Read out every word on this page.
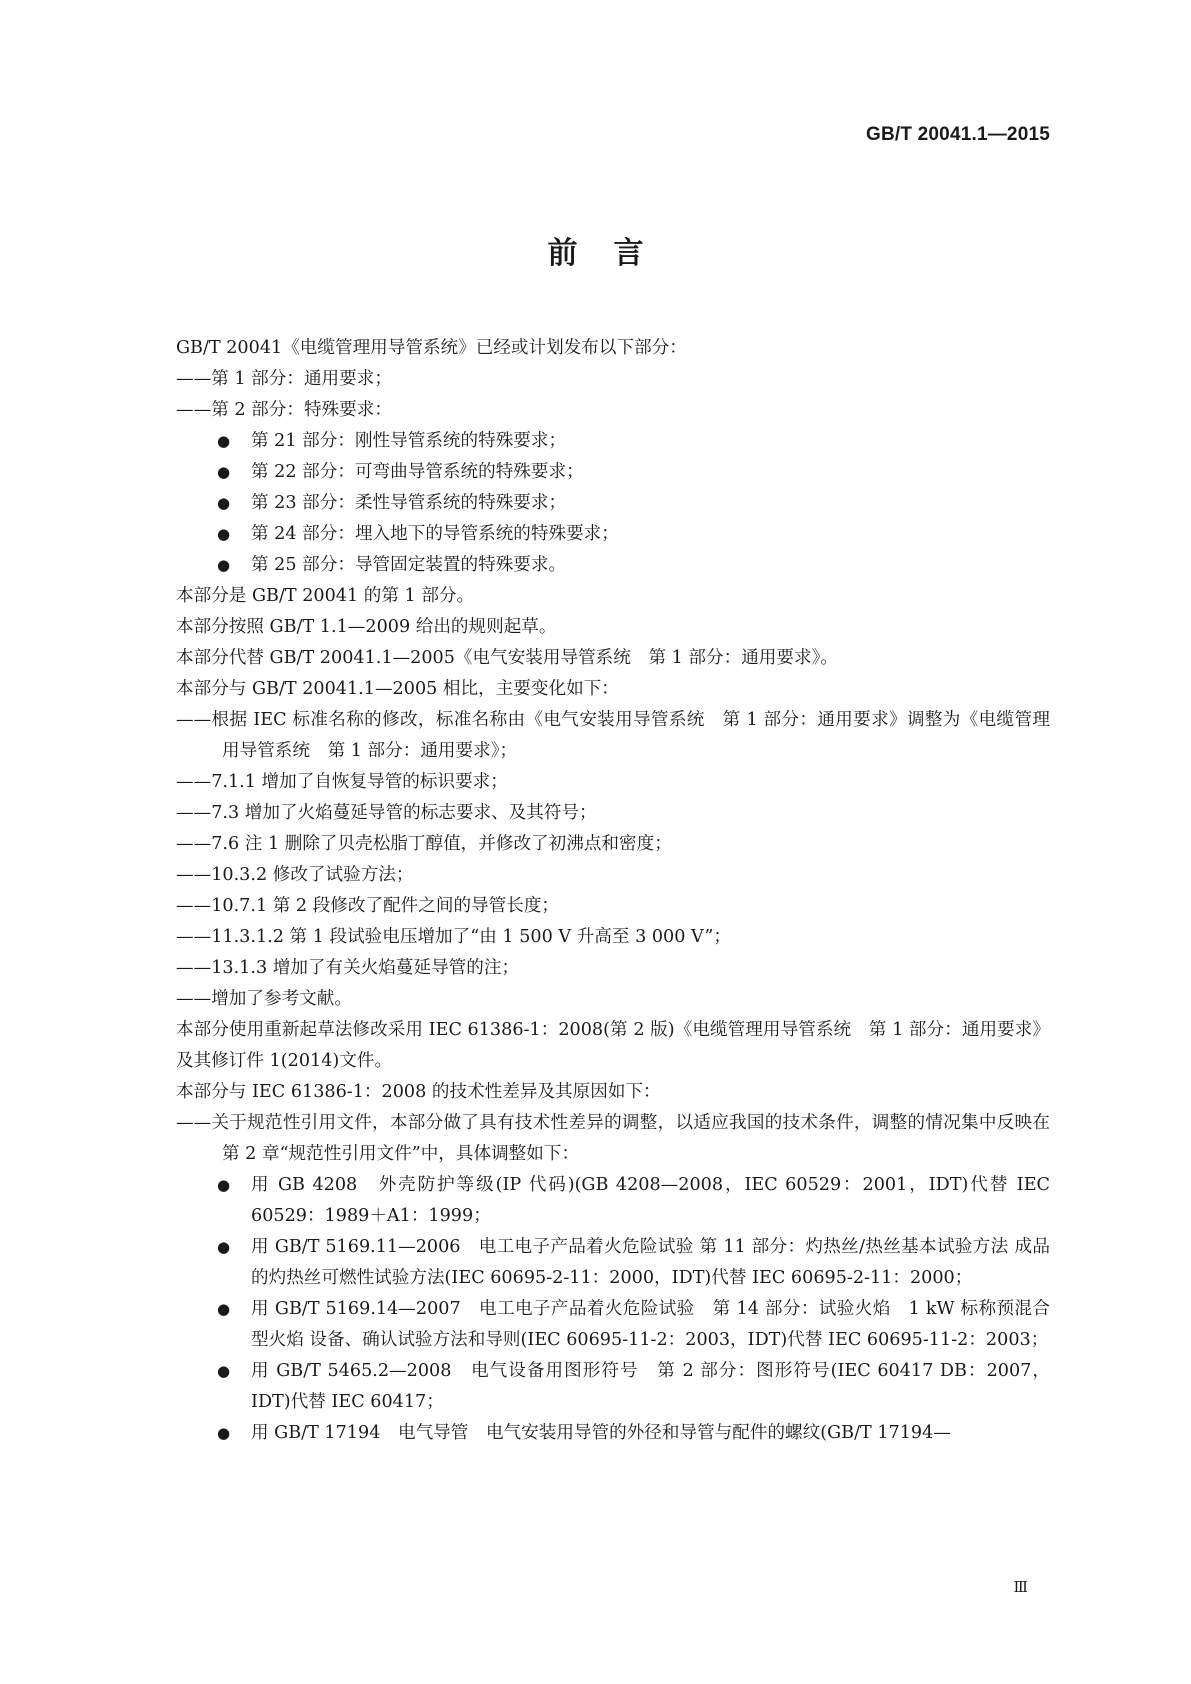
GB/T 20041.1—2015
前言
GB/T 20041《电缆管理用导管系统》已经或计划发布以下部分：
——第 1 部分：通用要求；
——第 2 部分：特殊要求：
● 第 21 部分：刚性导管系统的特殊要求；
● 第 22 部分：可弯曲导管系统的特殊要求；
● 第 23 部分：柔性导管系统的特殊要求；
● 第 24 部分：埋入地下的导管系统的特殊要求；
● 第 25 部分：导管固定装置的特殊要求。
本部分是 GB/T 20041 的第 1 部分。
本部分按照 GB/T 1.1—2009 给出的规则起草。
本部分代替 GB/T 20041.1—2005《电气安装用导管系统　第 1 部分：通用要求》。
本部分与 GB/T 20041.1—2005 相比，主要变化如下：
——根据 IEC 标准名称的修改，标准名称由《电气安装用导管系统　第 1 部分：通用要求》调整为《电缆管理用导管系统　第 1 部分：通用要求》；
——7.1.1 增加了自恢复导管的标识要求；
——7.3 增加了火焰蔓延导管的标志要求、及其符号；
——7.6 注 1 删除了贝壳松脂丁醇值，并修改了初沸点和密度；
——10.3.2 修改了试验方法；
——10.7.1 第 2 段修改了配件之间的导管长度；
——11.3.1.2 第 1 段试验电压增加了“由 1 500 V 升高至 3 000 V”；
——13.1.3 增加了有关火焰蔓延导管的注；
——增加了参考文献。
本部分使用重新起草法修改采用 IEC 61386-1：2008(第 2 版)《电缆管理用导管系统　第 1 部分：通用要求》及其修订件 1(2014)文件。
本部分与 IEC 61386-1：2008 的技术性差异及其原因如下：
——关于规范性引用文件，本部分做了具有技术性差异的调整，以适应我国的技术条件，调整的情况集中反映在第 2 章“规范性引用文件”中，具体调整如下：
● 用 GB 4208　外壳防护等级(IP 代码)(GB 4208—2008，IEC 60529：2001，IDT)代替 IEC 60529：1989＋A1：1999；
● 用 GB/T 5169.11—2006　电工电子产品着火危险试验 第 11 部分：灼热丝/热丝基本试验方法 成品的灼热丝可燃性试验方法(IEC 60695-2-11：2000，IDT)代替 IEC 60695-2-11：2000；
● 用 GB/T 5169.14—2007　电工电子产品着火危险试验　第 14 部分：试验火焰　1 kW 标称预混合型火焰 设备、确认试验方法和导则(IEC 60695-11-2：2003，IDT)代替 IEC 60695-11-2：2003；
● 用 GB/T 5465.2—2008　电气设备用图形符号　第 2 部分：图形符号(IEC 60417 DB：2007，IDT)代替 IEC 60417；
● 用 GB/T 17194　电气导管　电气安装用导管的外径和导管与配件的螺纹(GB/T 17194—
Ⅲ
